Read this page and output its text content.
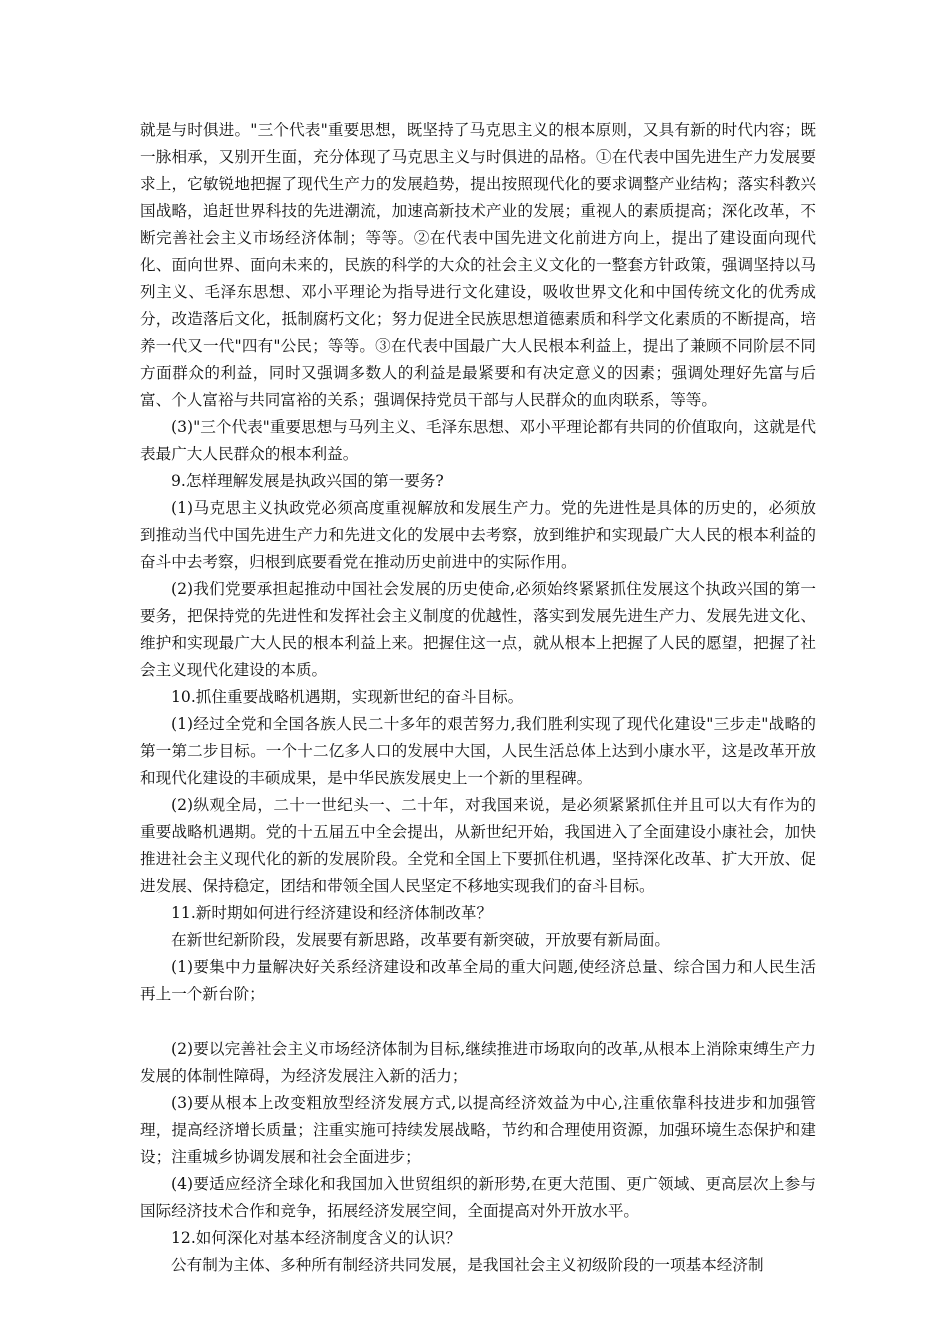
就是与时俱进。"三个代表"重要思想，既坚持了马克思主义的根本原则，又具有新的时代内容；既一脉相承，又别开生面，充分体现了马克思主义与时俱进的品格。①在代表中国先进生产力发展要求上，它敏锐地把握了现代生产力的发展趋势，提出按照现代化的要求调整产业结构；落实科教兴国战略，追赶世界科技的先进潮流，加速高新技术产业的发展；重视人的素质提高；深化改革，不断完善社会主义市场经济体制；等等。②在代表中国先进文化前进方向上，提出了建设面向现代化、面向世界、面向未来的，民族的科学的大众的社会主义文化的一整套方针政策，强调坚持以马列主义、毛泽东思想、邓小平理论为指导进行文化建设，吸收世界文化和中国传统文化的优秀成分，改造落后文化，抵制腐朽文化；努力促进全民族思想道德素质和科学文化素质的不断提高，培养一代又一代"四有"公民；等等。③在代表中国最广大人民根本利益上，提出了兼顾不同阶层不同方面群众的利益，同时又强调多数人的利益是最紧要和有决定意义的因素；强调处理好先富与后富、个人富裕与共同富裕的关系；强调保持党员干部与人民群众的血肉联系，等等。

(3)"三个代表"重要思想与马列主义、毛泽东思想、邓小平理论都有共同的价值取向，这就是代表最广大人民群众的根本利益。

9.怎样理解发展是执政兴国的第一要务?

(1)马克思主义执政党必须高度重视解放和发展生产力。党的先进性是具体的历史的，必须放到推动当代中国先进生产力和先进文化的发展中去考察，放到维护和实现最广大人民的根本利益的奋斗中去考察，归根到底要看党在推动历史前进中的实际作用。

(2)我们党要承担起推动中国社会发展的历史使命,必须始终紧紧抓住发展这个执政兴国的第一要务，把保持党的先进性和发挥社会主义制度的优越性，落实到发展先进生产力、发展先进文化、维护和实现最广大人民的根本利益上来。把握住这一点，就从根本上把握了人民的愿望，把握了社会主义现代化建设的本质。

10.抓住重要战略机遇期，实现新世纪的奋斗目标。

(1)经过全党和全国各族人民二十多年的艰苦努力,我们胜利实现了现代化建设"三步走"战略的第一第二步目标。一个十二亿多人口的发展中大国，人民生活总体上达到小康水平，这是改革开放和现代化建设的丰硕成果，是中华民族发展史上一个新的里程碑。

(2)纵观全局，二十一世纪头一、二十年，对我国来说，是必须紧紧抓住并且可以大有作为的重要战略机遇期。党的十五届五中全会提出，从新世纪开始，我国进入了全面建设小康社会，加快推进社会主义现代化的新的发展阶段。全党和全国上下要抓住机遇，坚持深化改革、扩大开放、促进发展、保持稳定，团结和带领全国人民坚定不移地实现我们的奋斗目标。

11.新时期如何进行经济建设和经济体制改革？

在新世纪新阶段，发展要有新思路，改革要有新突破，开放要有新局面。

(1)要集中力量解决好关系经济建设和改革全局的重大问题,使经济总量、综合国力和人民生活再上一个新台阶；

(2)要以完善社会主义市场经济体制为目标,继续推进市场取向的改革,从根本上消除束缚生产力发展的体制性障碍，为经济发展注入新的活力；

(3)要从根本上改变粗放型经济发展方式,以提高经济效益为中心,注重依靠科技进步和加强管理，提高经济增长质量；注重实施可持续发展战略，节约和合理使用资源，加强环境生态保护和建设；注重城乡协调发展和社会全面进步；

(4)要适应经济全球化和我国加入世贸组织的新形势,在更大范围、更广领域、更高层次上参与国际经济技术合作和竞争，拓展经济发展空间，全面提高对外开放水平。

12.如何深化对基本经济制度含义的认识？

公有制为主体、多种所有制经济共同发展，是我国社会主义初级阶段的一项基本经济制
